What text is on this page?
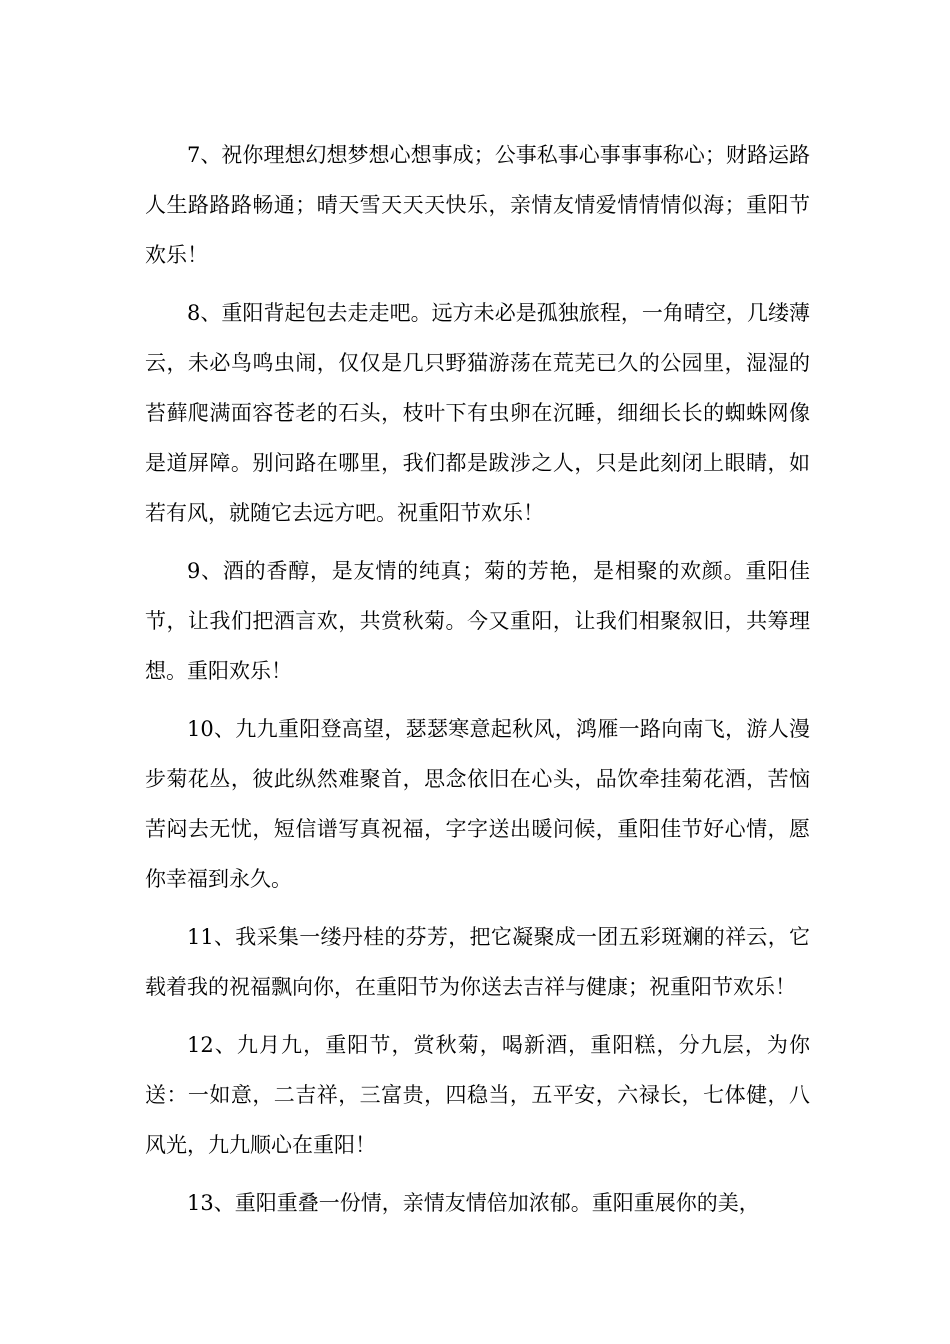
7、祝你理想幻想梦想心想事成；公事私事心事事事称心；财路运路人生路路路畅通；晴天雪天天天快乐，亲情友情爱情情情似海；重阳节欢乐！

8、重阳背起包去走走吧。远方未必是孤独旅程，一角晴空，几缕薄云，未必鸟鸣虫闹，仅仅是几只野猫游荡在荒芜已久的公园里，湿湿的苔藓爬满面容苍老的石头，枝叶下有虫卵在沉睡，细细长长的蜘蛛网像是道屏障。别问路在哪里，我们都是跋涉之人，只是此刻闭上眼睛，如若有风，就随它去远方吧。祝重阳节欢乐！

9、酒的香醇，是友情的纯真；菊的芳艳，是相聚的欢颜。重阳佳节，让我们把酒言欢，共赏秋菊。今又重阳，让我们相聚叙旧，共筹理想。重阳欢乐！

10、九九重阳登高望，瑟瑟寒意起秋风，鸿雁一路向南飞，游人漫步菊花丛，彼此纵然难聚首，思念依旧在心头，品饮牵挂菊花酒，苦恼苦闷去无忧，短信谱写真祝福，字字送出暖问候，重阳佳节好心情，愿你幸福到永久。

11、我采集一缕丹桂的芬芳，把它凝聚成一团五彩斑斓的祥云，它载着我的祝福飘向你，在重阳节为你送去吉祥与健康；祝重阳节欢乐！

12、九月九，重阳节，赏秋菊，喝新酒，重阳糕，分九层，为你送：一如意，二吉祥，三富贵，四稳当，五平安，六禄长，七体健，八风光，九九顺心在重阳！

13、重阳重叠一份情，亲情友情倍加浓郁。重阳重展你的美，
